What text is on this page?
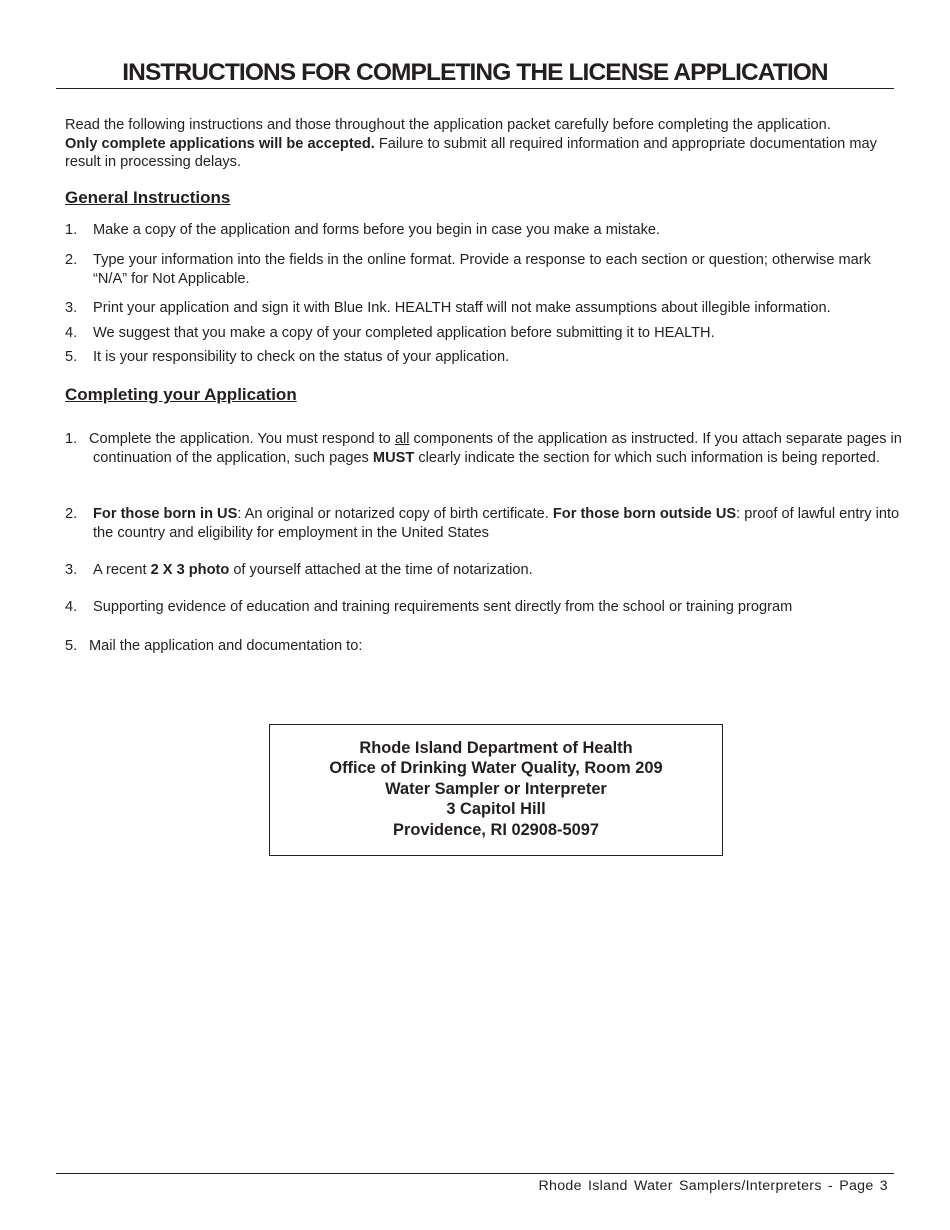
INSTRUCTIONS FOR COMPLETING THE LICENSE APPLICATION

Read the following instructions and those throughout the application packet carefully before completing the application.
Only complete applications will be accepted. Failure to submit all required information and appropriate documentation may result in processing delays.

General Instructions
1.	Make a copy of the application and forms before you begin in case you make a mistake.
2.	Type your information into the fields in the online format. Provide a response to each section or question; otherwise mark “N/A” for Not Applicable.
3.	Print your application and sign it with Blue Ink. HEALTH staff will not make assumptions about illegible information.
4.	We suggest that you make a copy of your completed application before submitting it to HEALTH.
5.	It is your responsibility to check on the status of your application.
Completing your Application
1. Complete the application. You must respond to all components of the application as instructed. If you attach separate pages in continuation of the application, such pages MUST clearly indicate the section for which such information is being reported.
2.	For those born in US: An original or notarized copy of birth certificate. For those born outside US: proof of lawful entry into the country and eligibility for employment in the United States
3.	A recent 2 X 3 photo of yourself attached at the time of notarization.
4.	Supporting evidence of education and training requirements sent directly from the school or training program
5. Mail the application and documentation to:
Rhode Island Department of Health
Office of Drinking Water Quality, Room 209
Water Sampler or Interpreter
3 Capitol Hill
Providence, RI 02908-5097
Rhode Island Water Samplers/Interpreters - Page 3
